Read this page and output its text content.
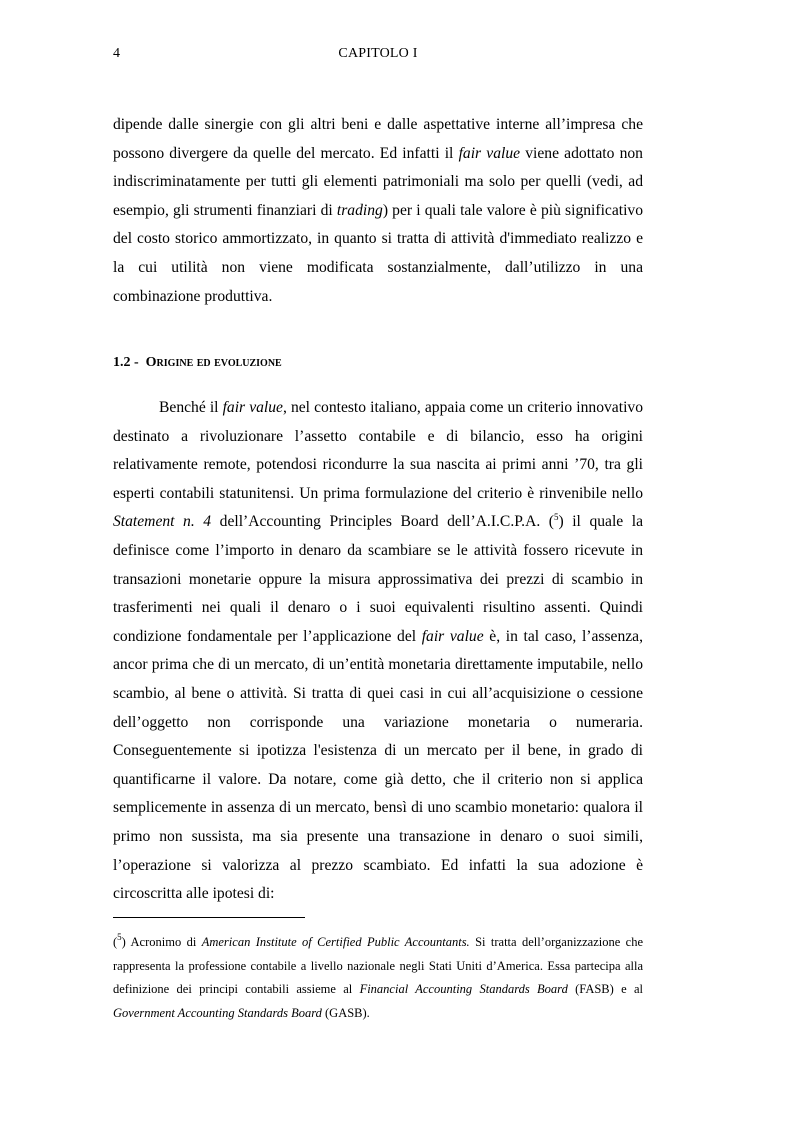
4	CAPITOLO I
dipende dalle sinergie con gli altri beni e dalle aspettative interne all’impresa che possono divergere da quelle del mercato. Ed infatti il fair value viene adottato non indiscriminatamente per tutti gli elementi patrimoniali ma solo per quelli (vedi, ad esempio, gli strumenti finanziari di trading) per i quali tale valore è più significativo del costo storico ammortizzato, in quanto si tratta di attività d'immediato realizzo e la cui utilità non viene modificata sostanzialmente, dall’utilizzo in una combinazione produttiva.
1.2 - Origine ed evoluzione
Benché il fair value, nel contesto italiano, appaia come un criterio innovativo destinato a rivoluzionare l’assetto contabile e di bilancio, esso ha origini relativamente remote, potendosi ricondurre la sua nascita ai primi anni ’70, tra gli esperti contabili statunitensi. Un prima formulazione del criterio è rinvenibile nello Statement n. 4 dell’Accounting Principles Board dell’A.I.C.P.A. ($^5$) il quale la definisce come l’importo in denaro da scambiare se le attività fossero ricevute in transazioni monetarie oppure la misura approssimativa dei prezzi di scambio in trasferimenti nei quali il denaro o i suoi equivalenti risultino assenti. Quindi condizione fondamentale per l’applicazione del fair value è, in tal caso, l’assenza, ancor prima che di un mercato, di un’entità monetaria direttamente imputabile, nello scambio, al bene o attività. Si tratta di quei casi in cui all’acquisizione o cessione dell’oggetto non corrisponde una variazione monetaria o numeraria. Conseguentemente si ipotizza l'esistenza di un mercato per il bene, in grado di quantificarne il valore. Da notare, come già detto, che il criterio non si applica semplicemente in assenza di un mercato, bensì di uno scambio monetario: qualora il primo non sussista, ma sia presente una transazione in denaro o suoi simili, l’operazione si valorizza al prezzo scambiato. Ed infatti la sua adozione è circoscritta alle ipotesi di:
($^5$) Acronimo di American Institute of Certified Public Accountants. Si tratta dell’organizzazione che rappresenta la professione contabile a livello nazionale negli Stati Uniti d’America. Essa partecipa alla definizione dei principi contabili assieme al Financial Accounting Standards Board (FASB) e al Government Accounting Standards Board (GASB).
